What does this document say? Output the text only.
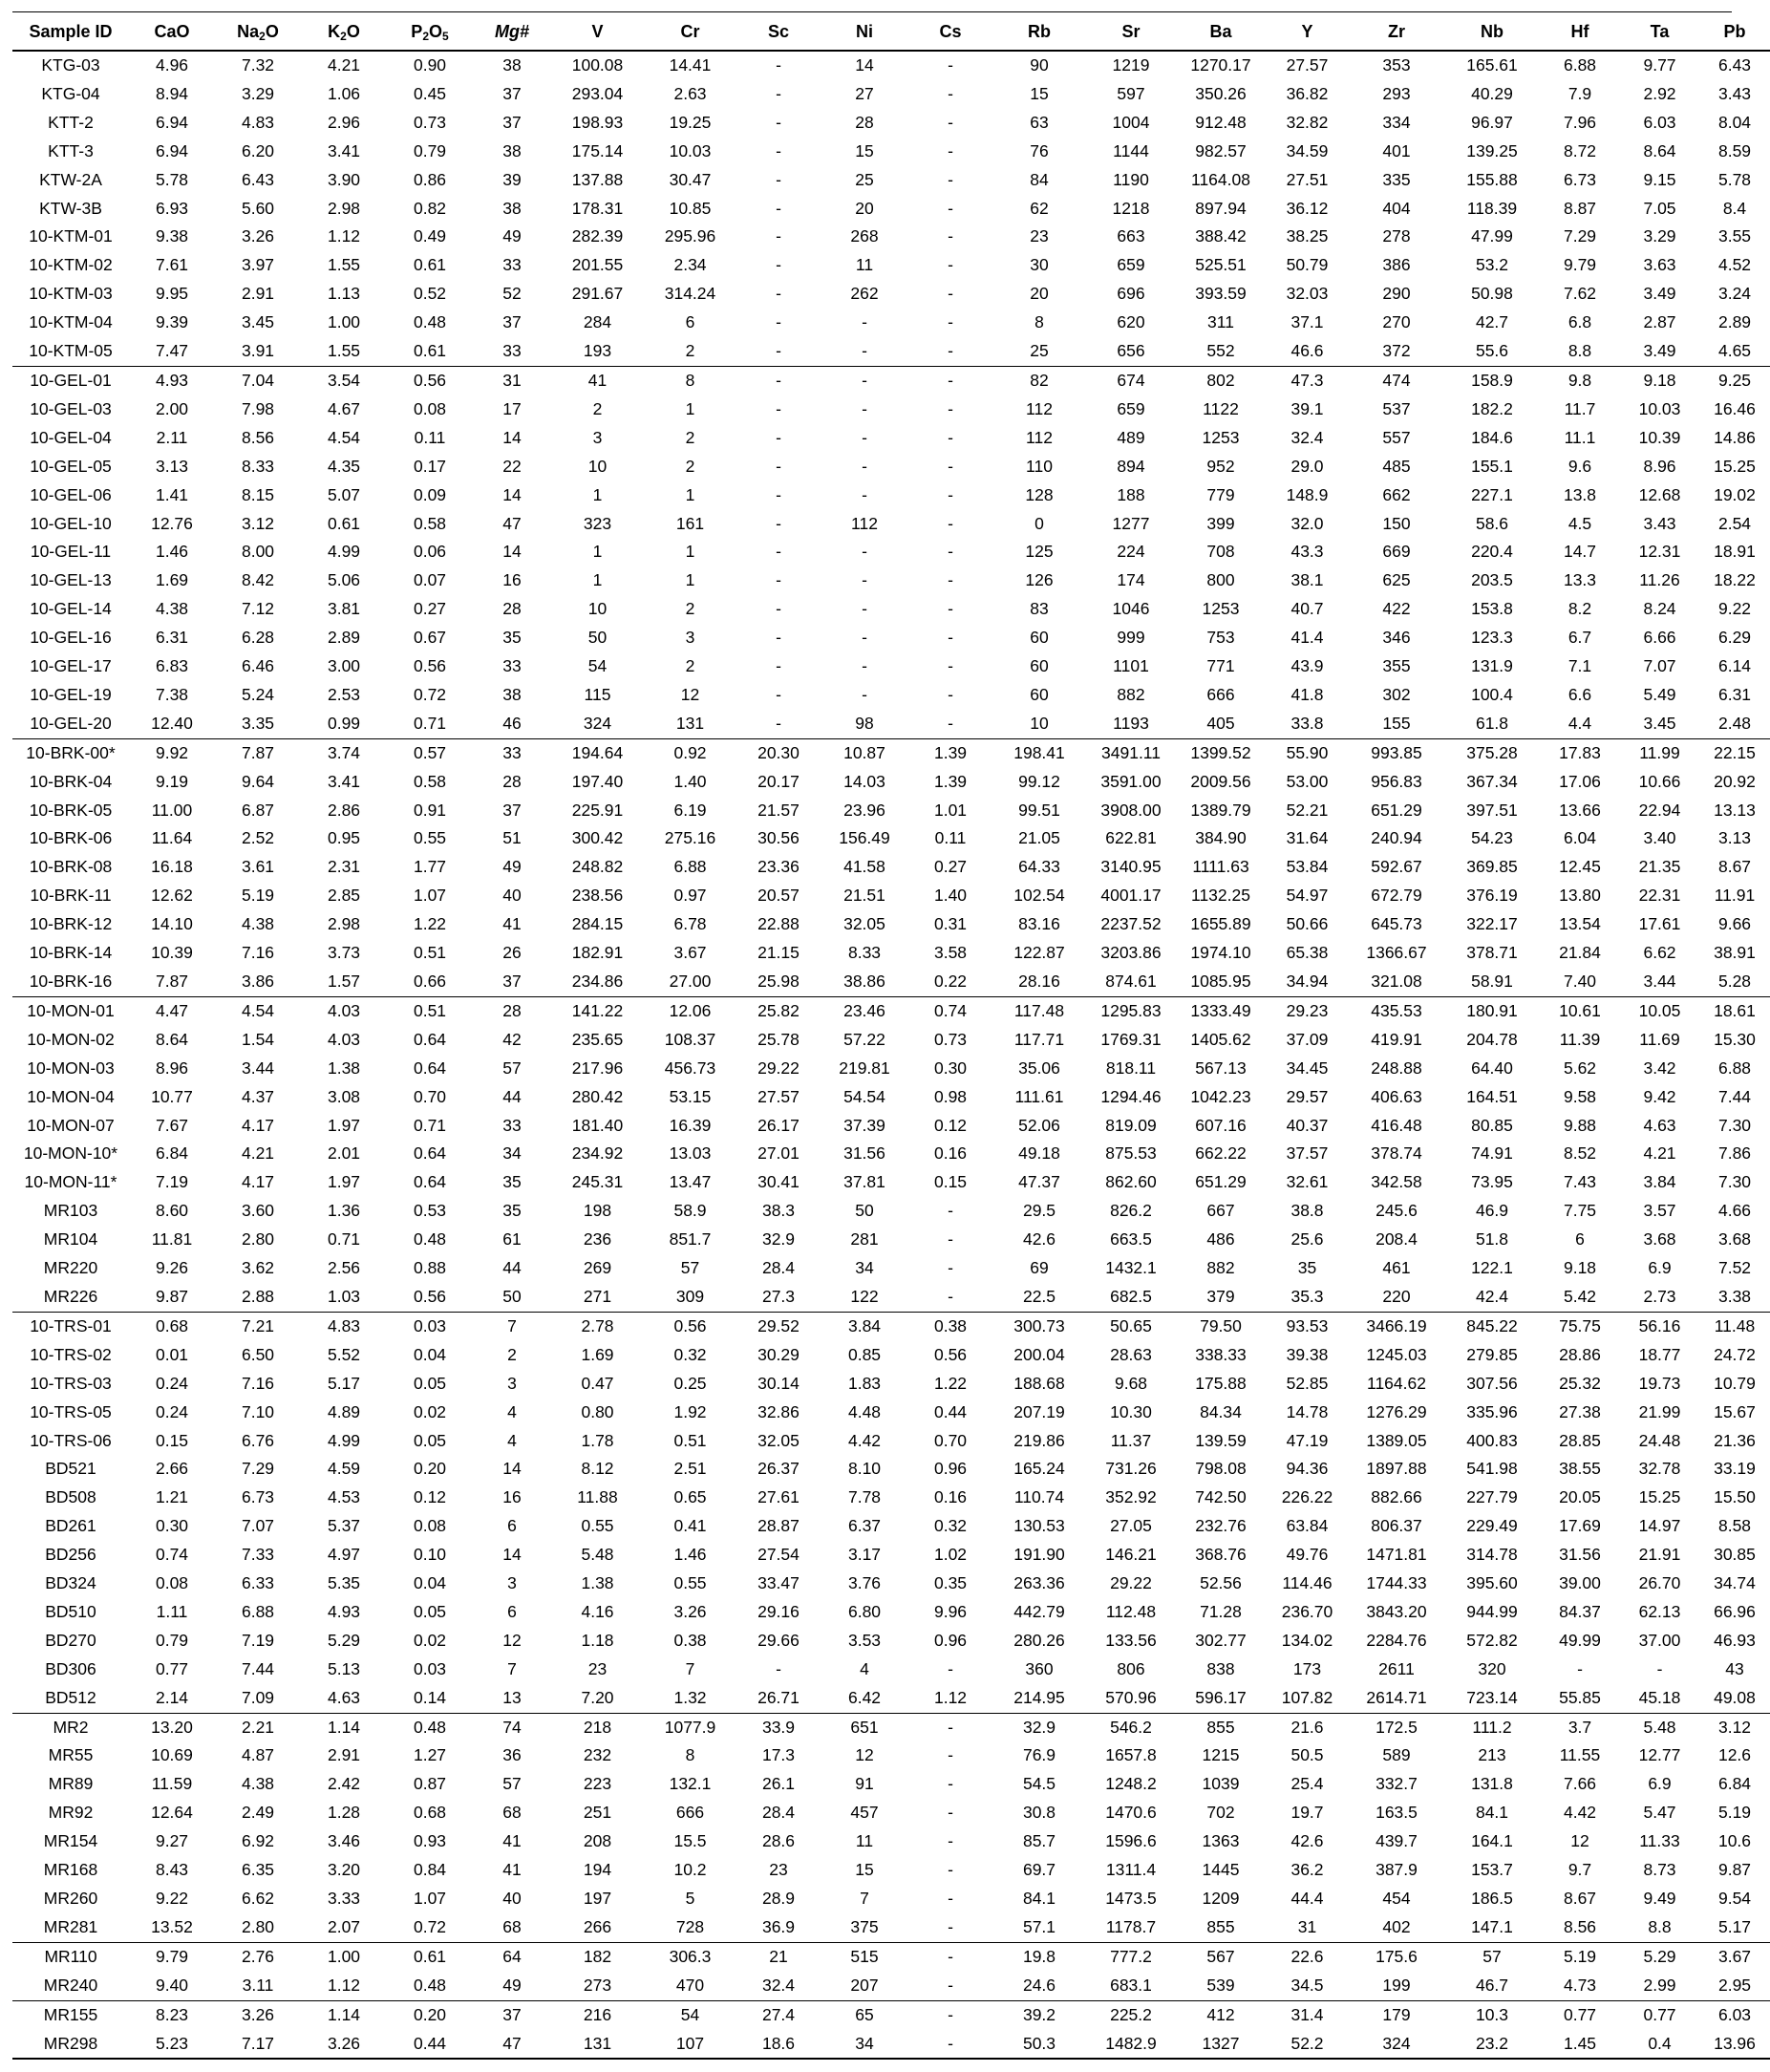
Sample ID	CaO	$Na_2O$	$K_2O$	$P_2O_5$	Mg#	V	Cr	Sc	Ni	Cs	Rb	Sr	Ba	Y	Zr	Nb	Hf	Ta	Pb
KTG-03	4.96	7.32	4.21	0.90	38	100.08	14.41	-	14	-	90	1219	1270.17	27.57	353	165.61	6.88	9.77	6.43
KTG-04	8.94	3.29	1.06	0.45	37	293.04	2.63	-	27	-	15	597	350.26	36.82	293	40.29	7.9	2.92	3.43
KTT-2	6.94	4.83	2.96	0.73	37	198.93	19.25	-	28	-	63	1004	912.48	32.82	334	96.97	7.96	6.03	8.04
KTT-3	6.94	6.20	3.41	0.79	38	175.14	10.03	-	15	-	76	1144	982.57	34.59	401	139.25	8.72	8.64	8.59
KTW-2A	5.78	6.43	3.90	0.86	39	137.88	30.47	-	25	-	84	1190	1164.08	27.51	335	155.88	6.73	9.15	5.78
KTW-3B	6.93	5.60	2.98	0.82	38	178.31	10.85	-	20	-	62	1218	897.94	36.12	404	118.39	8.87	7.05	8.4
10-KTM-01	9.38	3.26	1.12	0.49	49	282.39	295.96	-	268	-	23	663	388.42	38.25	278	47.99	7.29	3.29	3.55
10-KTM-02	7.61	3.97	1.55	0.61	33	201.55	2.34	-	11	-	30	659	525.51	50.79	386	53.2	9.79	3.63	4.52
10-KTM-03	9.95	2.91	1.13	0.52	52	291.67	314.24	-	262	-	20	696	393.59	32.03	290	50.98	7.62	3.49	3.24
10-KTM-04	9.39	3.45	1.00	0.48	37	284	6	-	-	-	8	620	311	37.1	270	42.7	6.8	2.87	2.89
10-KTM-05	7.47	3.91	1.55	0.61	33	193	2	-	-	-	25	656	552	46.6	372	55.6	8.8	3.49	4.65
10-GEL-01	4.93	7.04	3.54	0.56	31	41	8	-	-	-	82	674	802	47.3	474	158.9	9.8	9.18	9.25
10-GEL-03	2.00	7.98	4.67	0.08	17	2	1	-	-	-	112	659	1122	39.1	537	182.2	11.7	10.03	16.46
10-GEL-04	2.11	8.56	4.54	0.11	14	3	2	-	-	-	112	489	1253	32.4	557	184.6	11.1	10.39	14.86
10-GEL-05	3.13	8.33	4.35	0.17	22	10	2	-	-	-	110	894	952	29.0	485	155.1	9.6	8.96	15.25
10-GEL-06	1.41	8.15	5.07	0.09	14	1	1	-	-	-	128	188	779	148.9	662	227.1	13.8	12.68	19.02
10-GEL-10	12.76	3.12	0.61	0.58	47	323	161	-	112	-	0	1277	399	32.0	150	58.6	4.5	3.43	2.54
10-GEL-11	1.46	8.00	4.99	0.06	14	1	1	-	-	-	125	224	708	43.3	669	220.4	14.7	12.31	18.91
10-GEL-13	1.69	8.42	5.06	0.07	16	1	1	-	-	-	126	174	800	38.1	625	203.5	13.3	11.26	18.22
10-GEL-14	4.38	7.12	3.81	0.27	28	10	2	-	-	-	83	1046	1253	40.7	422	153.8	8.2	8.24	9.22
10-GEL-16	6.31	6.28	2.89	0.67	35	50	3	-	-	-	60	999	753	41.4	346	123.3	6.7	6.66	6.29
10-GEL-17	6.83	6.46	3.00	0.56	33	54	2	-	-	-	60	1101	771	43.9	355	131.9	7.1	7.07	6.14
10-GEL-19	7.38	5.24	2.53	0.72	38	115	12	-	-	-	60	882	666	41.8	302	100.4	6.6	5.49	6.31
10-GEL-20	12.40	3.35	0.99	0.71	46	324	131	-	98	-	10	1193	405	33.8	155	61.8	4.4	3.45	2.48
10-BRK-00*	9.92	7.87	3.74	0.57	33	194.64	0.92	20.30	10.87	1.39	198.41	3491.11	1399.52	55.90	993.85	375.28	17.83	11.99	22.15
10-BRK-04	9.19	9.64	3.41	0.58	28	197.40	1.40	20.17	14.03	1.39	99.12	3591.00	2009.56	53.00	956.83	367.34	17.06	10.66	20.92
10-BRK-05	11.00	6.87	2.86	0.91	37	225.91	6.19	21.57	23.96	1.01	99.51	3908.00	1389.79	52.21	651.29	397.51	13.66	22.94	13.13
10-BRK-06	11.64	2.52	0.95	0.55	51	300.42	275.16	30.56	156.49	0.11	21.05	622.81	384.90	31.64	240.94	54.23	6.04	3.40	3.13
10-BRK-08	16.18	3.61	2.31	1.77	49	248.82	6.88	23.36	41.58	0.27	64.33	3140.95	1111.63	53.84	592.67	369.85	12.45	21.35	8.67
10-BRK-11	12.62	5.19	2.85	1.07	40	238.56	0.97	20.57	21.51	1.40	102.54	4001.17	1132.25	54.97	672.79	376.19	13.80	22.31	11.91
10-BRK-12	14.10	4.38	2.98	1.22	41	284.15	6.78	22.88	32.05	0.31	83.16	2237.52	1655.89	50.66	645.73	322.17	13.54	17.61	9.66
10-BRK-14	10.39	7.16	3.73	0.51	26	182.91	3.67	21.15	8.33	3.58	122.87	3203.86	1974.10	65.38	1366.67	378.71	21.84	6.62	38.91
10-BRK-16	7.87	3.86	1.57	0.66	37	234.86	27.00	25.98	38.86	0.22	28.16	874.61	1085.95	34.94	321.08	58.91	7.40	3.44	5.28
10-MON-01	4.47	4.54	4.03	0.51	28	141.22	12.06	25.82	23.46	0.74	117.48	1295.83	1333.49	29.23	435.53	180.91	10.61	10.05	18.61
10-MON-02	8.64	1.54	4.03	0.64	42	235.65	108.37	25.78	57.22	0.73	117.71	1769.31	1405.62	37.09	419.91	204.78	11.39	11.69	15.30
10-MON-03	8.96	3.44	1.38	0.64	57	217.96	456.73	29.22	219.81	0.30	35.06	818.11	567.13	34.45	248.88	64.40	5.62	3.42	6.88
10-MON-04	10.77	4.37	3.08	0.70	44	280.42	53.15	27.57	54.54	0.98	111.61	1294.46	1042.23	29.57	406.63	164.51	9.58	9.42	7.44
10-MON-07	7.67	4.17	1.97	0.71	33	181.40	16.39	26.17	37.39	0.12	52.06	819.09	607.16	40.37	416.48	80.85	9.88	4.63	7.30
10-MON-10*	6.84	4.21	2.01	0.64	34	234.92	13.03	27.01	31.56	0.16	49.18	875.53	662.22	37.57	378.74	74.91	8.52	4.21	7.86
10-MON-11*	7.19	4.17	1.97	0.64	35	245.31	13.47	30.41	37.81	0.15	47.37	862.60	651.29	32.61	342.58	73.95	7.43	3.84	7.30
MR103	8.60	3.60	1.36	0.53	35	198	58.9	38.3	50	-	29.5	826.2	667	38.8	245.6	46.9	7.75	3.57	4.66
MR104	11.81	2.80	0.71	0.48	61	236	851.7	32.9	281	-	42.6	663.5	486	25.6	208.4	51.8	6	3.68	3.68
MR220	9.26	3.62	2.56	0.88	44	269	57	28.4	34	-	69	1432.1	882	35	461	122.1	9.18	6.9	7.52
MR226	9.87	2.88	1.03	0.56	50	271	309	27.3	122	-	22.5	682.5	379	35.3	220	42.4	5.42	2.73	3.38
10-TRS-01	0.68	7.21	4.83	0.03	7	2.78	0.56	29.52	3.84	0.38	300.73	50.65	79.50	93.53	3466.19	845.22	75.75	56.16	11.48
10-TRS-02	0.01	6.50	5.52	0.04	2	1.69	0.32	30.29	0.85	0.56	200.04	28.63	338.33	39.38	1245.03	279.85	28.86	18.77	24.72
10-TRS-03	0.24	7.16	5.17	0.05	3	0.47	0.25	30.14	1.83	1.22	188.68	9.68	175.88	52.85	1164.62	307.56	25.32	19.73	10.79
10-TRS-05	0.24	7.10	4.89	0.02	4	0.80	1.92	32.86	4.48	0.44	207.19	10.30	84.34	14.78	1276.29	335.96	27.38	21.99	15.67
10-TRS-06	0.15	6.76	4.99	0.05	4	1.78	0.51	32.05	4.42	0.70	219.86	11.37	139.59	47.19	1389.05	400.83	28.85	24.48	21.36
BD521	2.66	7.29	4.59	0.20	14	8.12	2.51	26.37	8.10	0.96	165.24	731.26	798.08	94.36	1897.88	541.98	38.55	32.78	33.19
BD508	1.21	6.73	4.53	0.12	16	11.88	0.65	27.61	7.78	0.16	110.74	352.92	742.50	226.22	882.66	227.79	20.05	15.25	15.50
BD261	0.30	7.07	5.37	0.08	6	0.55	0.41	28.87	6.37	0.32	130.53	27.05	232.76	63.84	806.37	229.49	17.69	14.97	8.58
BD256	0.74	7.33	4.97	0.10	14	5.48	1.46	27.54	3.17	1.02	191.90	146.21	368.76	49.76	1471.81	314.78	31.56	21.91	30.85
BD324	0.08	6.33	5.35	0.04	3	1.38	0.55	33.47	3.76	0.35	263.36	29.22	52.56	114.46	1744.33	395.60	39.00	26.70	34.74
BD510	1.11	6.88	4.93	0.05	6	4.16	3.26	29.16	6.80	9.96	442.79	112.48	71.28	236.70	3843.20	944.99	84.37	62.13	66.96
BD270	0.79	7.19	5.29	0.02	12	1.18	0.38	29.66	3.53	0.96	280.26	133.56	302.77	134.02	2284.76	572.82	49.99	37.00	46.93
BD306	0.77	7.44	5.13	0.03	7	23	7	-	4	-	360	806	838	173	2611	320	-	-	43
BD512	2.14	7.09	4.63	0.14	13	7.20	1.32	26.71	6.42	1.12	214.95	570.96	596.17	107.82	2614.71	723.14	55.85	45.18	49.08
MR2	13.20	2.21	1.14	0.48	74	218	1077.9	33.9	651	-	32.9	546.2	855	21.6	172.5	111.2	3.7	5.48	3.12
MR55	10.69	4.87	2.91	1.27	36	232	8	17.3	12	-	76.9	1657.8	1215	50.5	589	213	11.55	12.77	12.6
MR89	11.59	4.38	2.42	0.87	57	223	132.1	26.1	91	-	54.5	1248.2	1039	25.4	332.7	131.8	7.66	6.9	6.84
MR92	12.64	2.49	1.28	0.68	68	251	666	28.4	457	-	30.8	1470.6	702	19.7	163.5	84.1	4.42	5.47	5.19
MR154	9.27	6.92	3.46	0.93	41	208	15.5	28.6	11	-	85.7	1596.6	1363	42.6	439.7	164.1	12	11.33	10.6
MR168	8.43	6.35	3.20	0.84	41	194	10.2	23	15	-	69.7	1311.4	1445	36.2	387.9	153.7	9.7	8.73	9.87
MR260	9.22	6.62	3.33	1.07	40	197	5	28.9	7	-	84.1	1473.5	1209	44.4	454	186.5	8.67	9.49	9.54
MR281	13.52	2.80	2.07	0.72	68	266	728	36.9	375	-	57.1	1178.7	855	31	402	147.1	8.56	8.8	5.17
MR110	9.79	2.76	1.00	0.61	64	182	306.3	21	515	-	19.8	777.2	567	22.6	175.6	57	5.19	5.29	3.67
MR240	9.40	3.11	1.12	0.48	49	273	470	32.4	207	-	24.6	683.1	539	34.5	199	46.7	4.73	2.99	2.95
MR155	8.23	3.26	1.14	0.20	37	216	54	27.4	65	-	39.2	225.2	412	31.4	179	10.3	0.77	0.77	6.03
MR298	5.23	7.17	3.26	0.44	47	131	107	18.6	34	-	50.3	1482.9	1327	52.2	324	23.2	1.45	0.4	13.96
